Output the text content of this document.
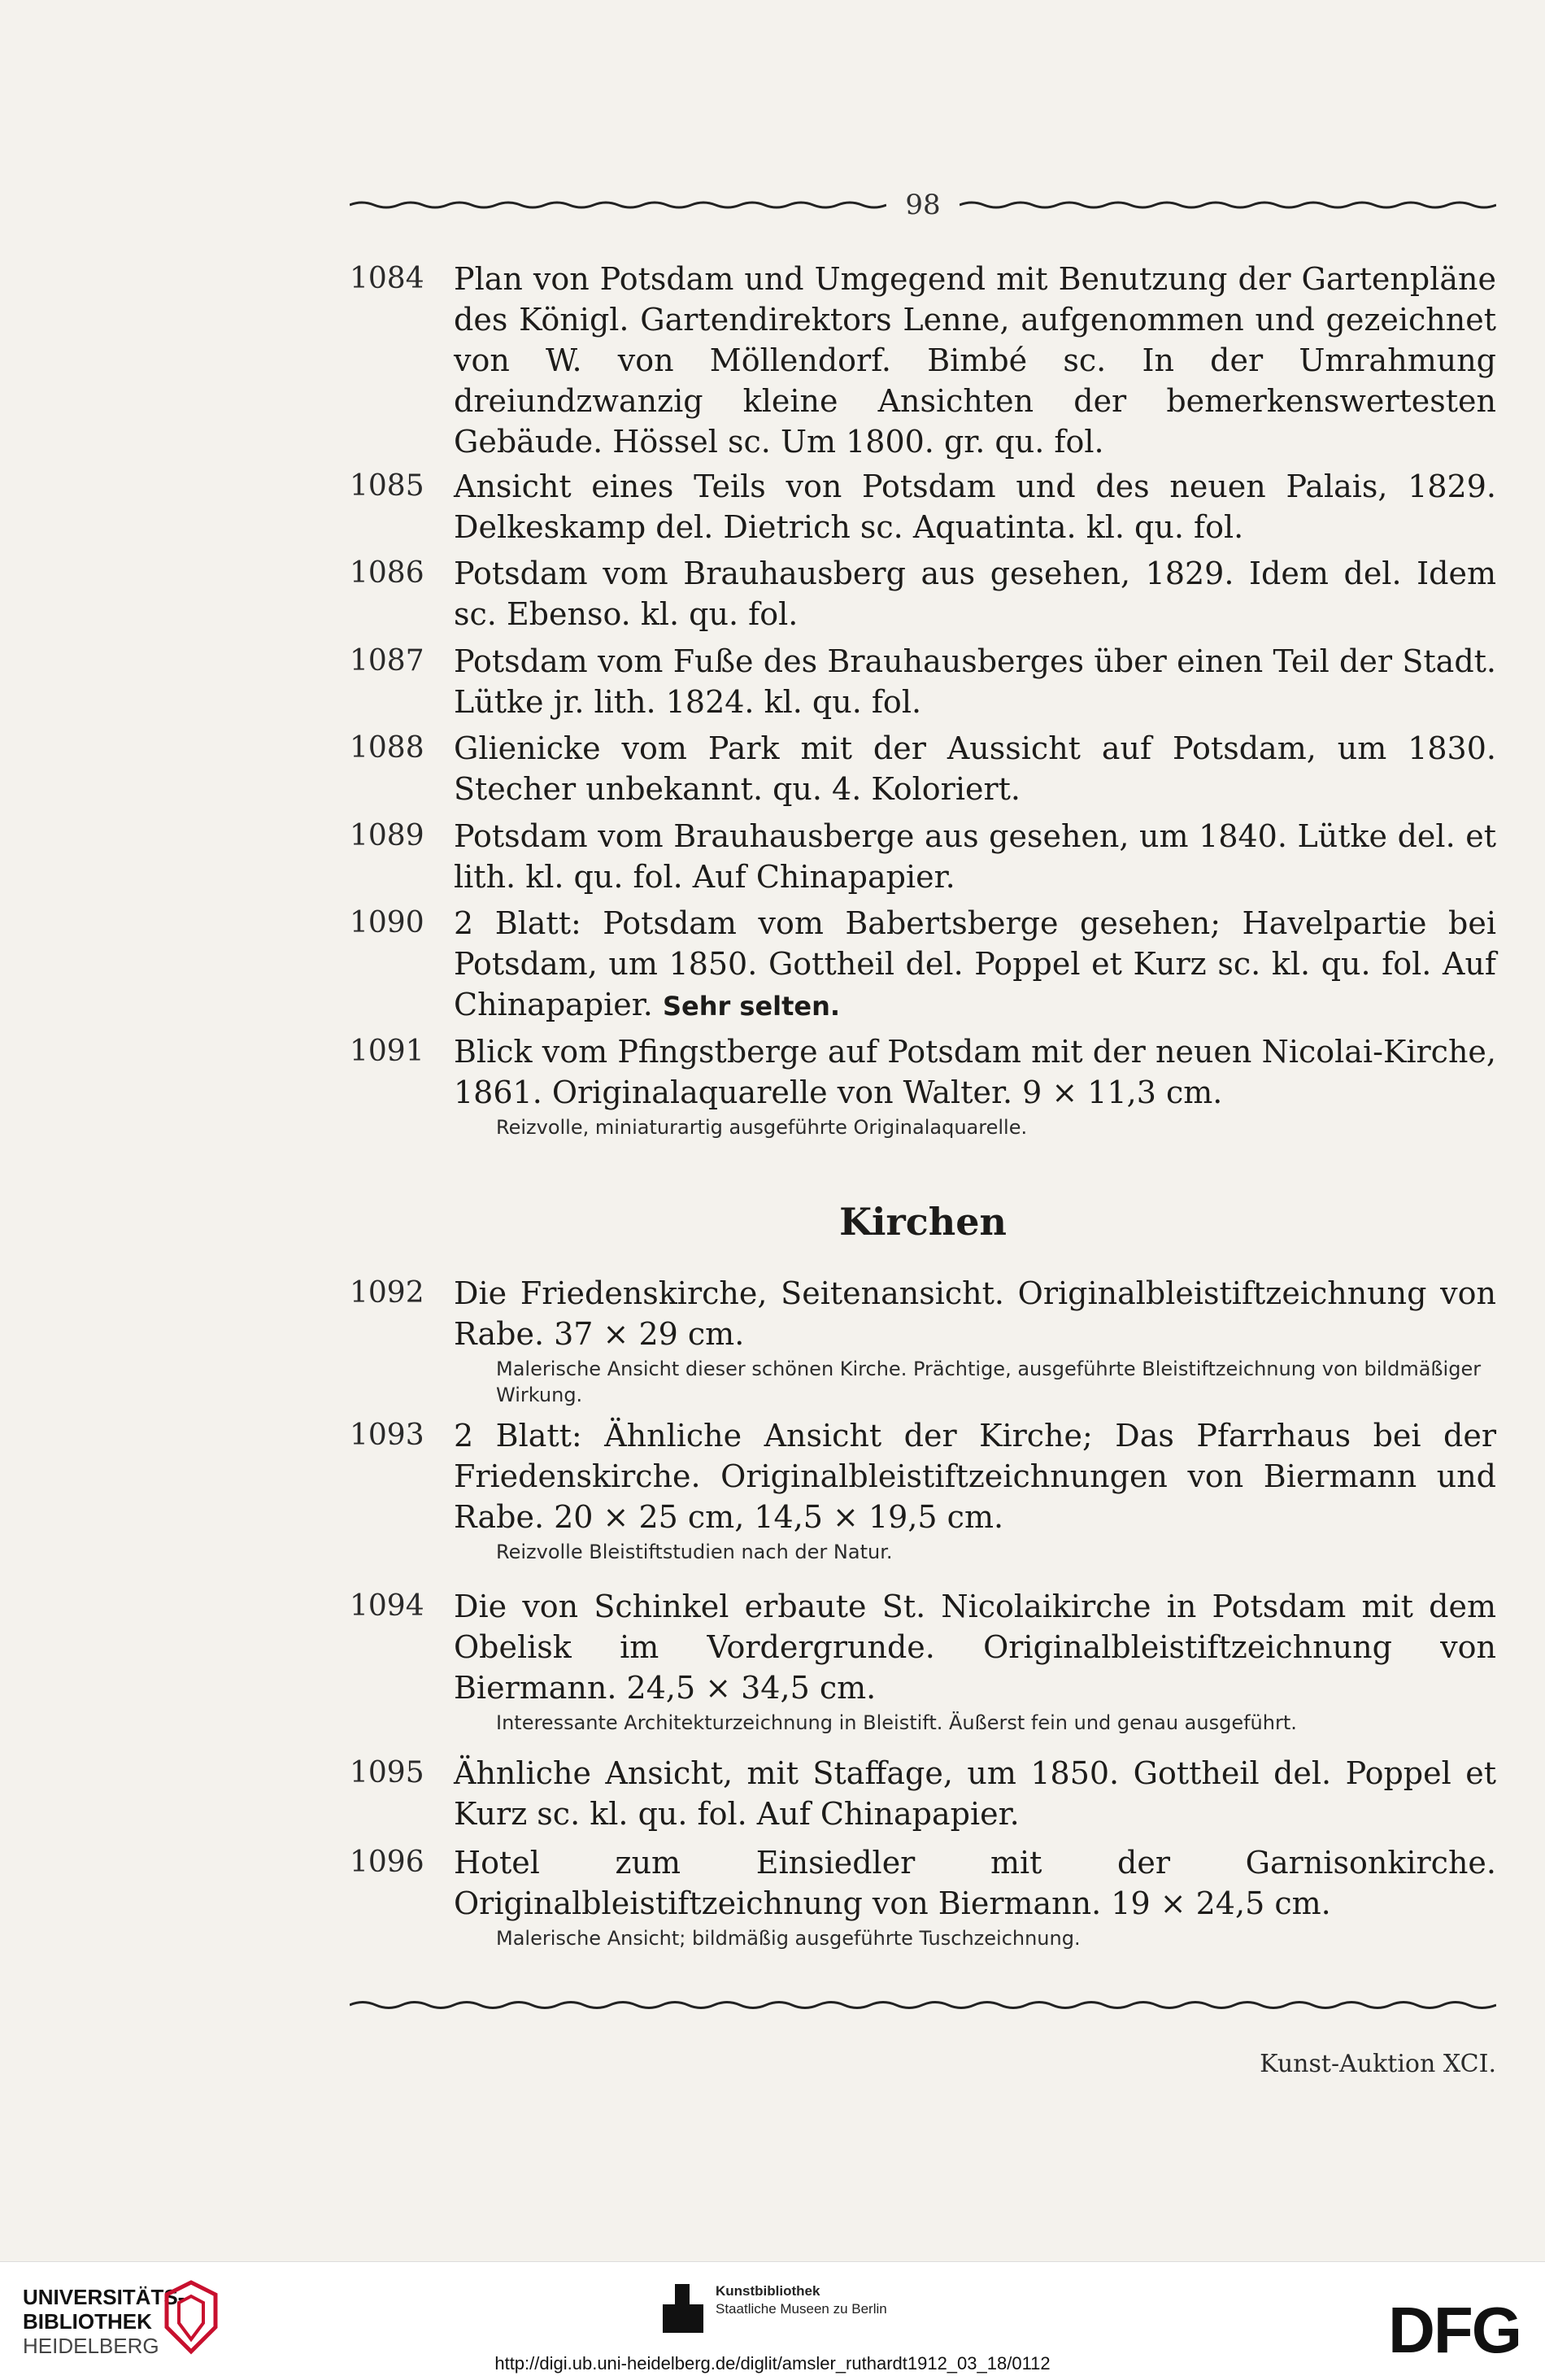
98
1084 Plan von Potsdam und Umgegend mit Benutzung der Gartenpläne des Königl. Gartendirektors Lenne, aufgenommen und gezeichnet von W. von Möllendorf. Bimbé sc. In der Umrahmung dreiundzwanzig kleine Ansichten der bemerkenswertesten Gebäude. Hössel sc. Um 1800. gr. qu. fol.
1085 Ansicht eines Teils von Potsdam und des neuen Palais, 1829. Delkeskamp del. Dietrich sc. Aquatinta. kl. qu. fol.
1086 Potsdam vom Brauhausberg aus gesehen, 1829. Idem del. Idem sc. Ebenso. kl. qu. fol.
1087 Potsdam vom Fuße des Brauhausberges über einen Teil der Stadt. Lütke jr. lith. 1824. kl. qu. fol.
1088 Glienicke vom Park mit der Aussicht auf Potsdam, um 1830. Stecher unbekannt. qu. 4. Koloriert.
1089 Potsdam vom Brauhausberge aus gesehen, um 1840. Lütke del. et lith. kl. qu. fol. Auf Chinapapier.
1090 2 Blatt: Potsdam vom Babertsberge gesehen; Havelpartie bei Potsdam, um 1850. Gottheil del. Poppel et Kurz sc. kl. qu. fol. Auf Chinapapier. Sehr selten.
1091 Blick vom Pfingstberge auf Potsdam mit der neuen Nicolai-Kirche, 1861. Originalaquarelle von Walter. 9 × 11,3 cm.
Reizvolle, miniaturartig ausgeführte Originalaquarelle.
Kirchen
1092 Die Friedenskirche, Seitenansicht. Originalbleistiftzeichnung von Rabe. 37 × 29 cm.
Malerische Ansicht dieser schönen Kirche. Prächtige, ausgeführte Bleistiftzeichnung von bildmäßiger Wirkung.
1093 2 Blatt: Ähnliche Ansicht der Kirche; Das Pfarrhaus bei der Friedenskirche. Originalbleistiftzeichnungen von Biermann und Rabe. 20 × 25 cm, 14,5 × 19,5 cm.
Reizvolle Bleistiftstudien nach der Natur.
1094 Die von Schinkel erbaute St. Nicolaikirche in Potsdam mit dem Obelisk im Vordergrunde. Originalbleistiftzeichnung von Biermann. 24,5 × 34,5 cm.
Interessante Architekturzeichnung in Bleistift. Äußerst fein und genau ausgeführt.
1095 Ähnliche Ansicht, mit Staffage, um 1850. Gottheil del. Poppel et Kurz sc. kl. qu. fol. Auf Chinapapier.
1096 Hotel zum Einsiedler mit der Garnisonkirche. Originalbleistiftzeichnung von Biermann. 19 × 24,5 cm.
Malerische Ansicht; bildmäßig ausgeführte Tuschzeichnung.
Kunst-Auktion XCI.
UNIVERSITÄTS-
BIBLIOTHEK
HEIDELBERG
Kunstbibliothek
Staatliche Museen zu Berlin	DFG
http://digi.ub.uni-heidelberg.de/diglit/amsler_ruthardt1912_03_18/0112
